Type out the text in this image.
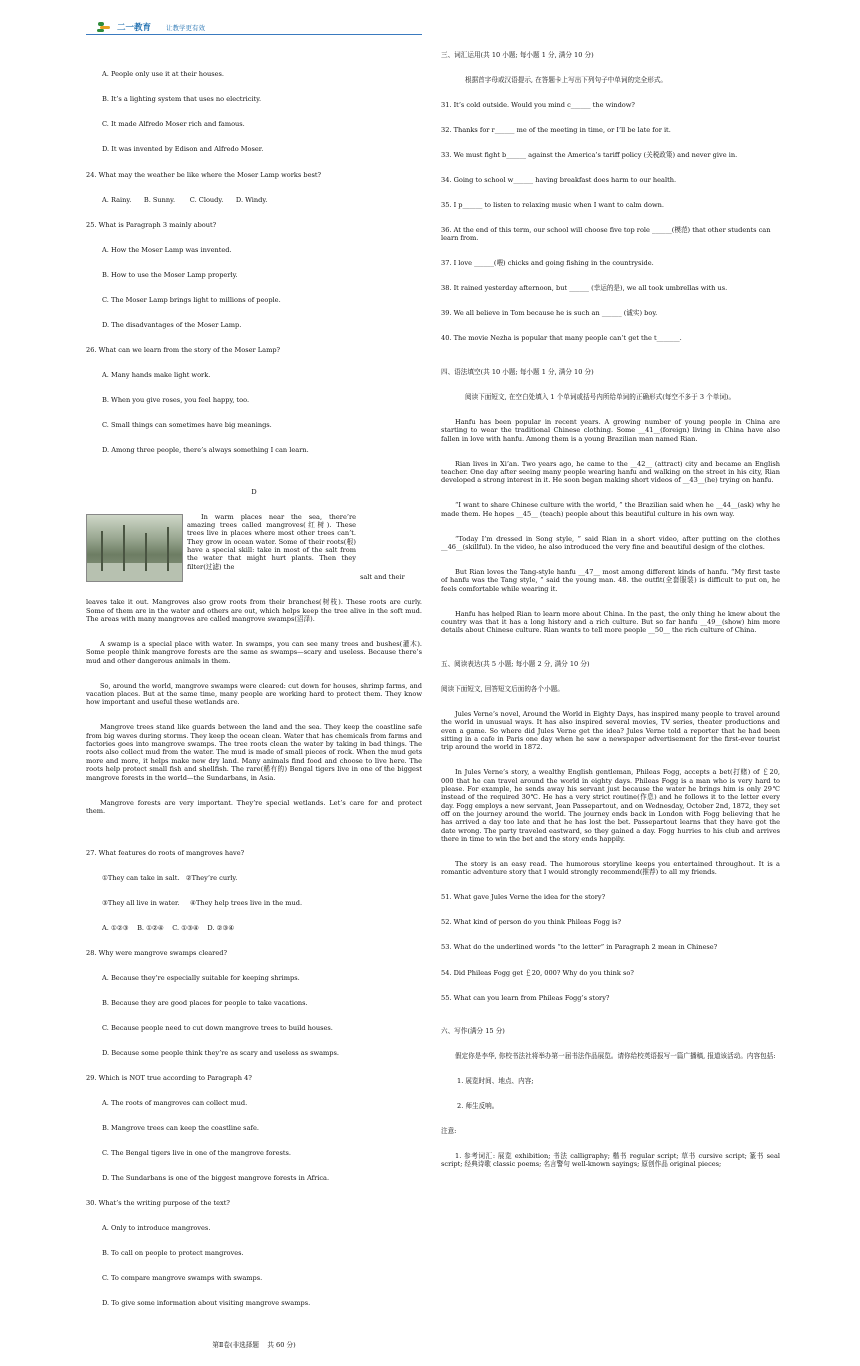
二一教育 让教学更有效

A. People only use it at their houses.

B. It’s a lighting system that uses no electricity.

C. It made Alfredo Moser rich and famous.

D. It was invented by Edison and Alfredo Moser.

24. What may the weather be like where the Moser Lamp works best?

A. Rainy.      B. Sunny.       C. Cloudy.      D. Windy.

25. What is Paragraph 3 mainly about?

A. How the Moser Lamp was invented.

B. How to use the Moser Lamp properly.

C. The Moser Lamp brings light to millions of people.

D. The disadvantages of the Moser Lamp.

26. What can we learn from the story of the Moser Lamp?

A. Many hands make light work.

B. When you give roses, you feel happy, too.

C. Small things can sometimes have big meanings.

D. Among three people, there’s always something I can learn.

D

In warm places near the sea, there’re amazing trees called mangroves(红树). These trees live in places where most other trees can’t. They grow in ocean water. Some of their roots(根) have a special skill: take in most of the salt from the water that might hurt plants. Then they filter(过滤) the
salt and their

leaves take it out. Mangroves also grow roots from their branches(树枝). These roots are curly. Some of them are in the water and others are out, which helps keep the tree alive in the soft mud. The areas with many mangroves are called mangrove swamps(沼泽).

A swamp is a special place with water. In swamps, you can see many trees and bushes(灌木). Some people think mangrove forests are the same as swamps—scary and useless. Because there’s mud and other dangerous animals in them.

So, around the world, mangrove swamps were cleared: cut down for houses, shrimp farms, and vacation places. But at the same time, many people are working hard to protect them. They know how important and useful these wetlands are.

Mangrove trees stand like guards between the land and the sea. They keep the coastline safe from big waves during storms. They keep the ocean clean. Water that has chemicals from farms and factories goes into mangrove swamps. The tree roots clean the water by taking in bad things. The roots also collect mud from the water. The mud is made of small pieces of rock. When the mud gets more and more, it helps make new dry land. Many animals find food and choose to live here. The roots help protect small fish and shellfish. The rare(稀有的) Bengal tigers live in one of the biggest mangrove forests in the world—the Sundarbans, in Asia.

Mangrove forests are very important. They’re special wetlands. Let’s care for and protect them.

27. What features do roots of mangroves have?

①They can take in salt.   ②They’re curly.

③They all live in water.     ④They help trees live in the mud.

A. ①②③    B. ①②④    C. ①③④    D. ②③④

28. Why were mangrove swamps cleared?

A. Because they’re especially suitable for keeping shrimps.

B. Because they are good places for people to take vacations.

C. Because people need to cut down mangrove trees to build houses.

D. Because some people think they’re as scary and useless as swamps.

29. Which is NOT true according to Paragraph 4?

A. The roots of mangroves can collect mud.

B. Mangrove trees can keep the coastline safe.

C. The Bengal tigers live in one of the mangrove forests.

D. The Sundarbans is one of the biggest mangrove forests in Africa.

30. What’s the writing purpose of the text?

A. Only to introduce mangroves.

B. To call on people to protect mangroves.

C. To compare mangrove swamps with swamps.

D. To give some information about visiting mangrove swamps.

第Ⅱ卷(非选择题    共 60 分)

三、词汇运用(共 10 小题; 每小题 1 分, 满分 10 分)

根据首字母或汉语提示, 在答题卡上写出下列句子中单词的完全形式。

31. It’s cold outside. Would you mind c______ the window?

32. Thanks for r______ me of the meeting in time, or I’ll be late for it.

33. We must fight b______ against the America’s tariff policy (关税政策) and never give in.

34. Going to school w______ having breakfast does harm to our health.

35. I p______ to listen to relaxing music when I want to calm down.

36. At the end of this term, our school will choose five top role ______(模范) that other students can learn from.

37. I love ______(喂) chicks and going fishing in the countryside.

38. It rained yesterday afternoon, but ______ (幸运的是), we all took umbrellas with us.

39. We all believe in Tom because he is such an ______ (诚实) boy.

40. The movie Nezha is popular that many people can’t get the t_______.

四、语法填空(共 10 小题; 每小题 1 分, 满分 10 分)

阅读下面短文, 在空白处填入 1 个单词或括号内所给单词的正确形式(每空不多于 3 个单词)。

Hanfu has been popular in recent years. A growing number of young people in China are starting to wear the traditional Chinese clothing. Some __41__(foreign) living in China have also fallen in love with hanfu. Among them is a young Brazilian man named Rian.

Rian lives in Xi’an. Two years ago, he came to the __42__ (attract) city and became an English teacher. One day after seeing many people wearing hanfu and walking on the street in his city, Rian developed a strong interest in it. He soon began making short videos of __43__(he) trying on hanfu.

“I want to share Chinese culture with the world, ” the Brazilian said when he __44__(ask) why he made them. He hopes __45__ (teach) people about this beautiful culture in his own way.

“Today I’m dressed in Song style, ” said Rian in a short video, after putting on the clothes __46__(skillful). In the video, he also introduced the very fine and beautiful design of the clothes.

But Rian loves the Tang-style hanfu __47__ most among different kinds of hanfu. “My first taste of hanfu was the Tang style, ” said the young man. 48. the outfit(全套服装) is difficult to put on, he feels comfortable while wearing it.

Hanfu has helped Rian to learn more about China. In the past, the only thing he knew about the country was that it has a long history and a rich culture. But so far hanfu __49__(show) him more details about Chinese culture. Rian wants to tell more people __50__ the rich culture of China.

五、阅读表达(共 5 小题; 每小题 2 分, 满分 10 分)

阅读下面短文, 回答短文后面的各个小题。

Jules Verne’s novel, Around the World in Eighty Days, has inspired many people to travel around the world in unusual ways. It has also inspired several movies, TV series, theater productions and even a game. So where did Jules Verne get the idea? Jules Verne told a reporter that he had been sitting in a cafe in Paris one day when he saw a newspaper advertisement for the first-ever tourist trip around the world in 1872.

In Jules Verne’s story, a wealthy English gentleman, Phileas Fogg, accepts a bet(打赌) of ￡20, 000 that he can travel around the world in eighty days. Phileas Fogg is a man who is very hard to please. For example, he sends away his servant just because the water he brings him is only 29℃ instead of the required 30℃. He has a very strict routine(作息) and he follows it to the letter every day. Fogg employs a new servant, Jean Passepartout, and on Wednesday, October 2nd, 1872, they set off on the journey around the world. The journey ends back in London with Fogg believing that he has arrived a day too late and that he has lost the bet. Passepartout learns that they have got the date wrong. The party traveled eastward, so they gained a day. Fogg hurries to his club and arrives there in time to win the bet and the story ends happily.

The story is an easy read. The humorous storyline keeps you entertained throughout. It is a romantic adventure story that I would strongly recommend(推荐) to all my friends.

51. What gave Jules Verne the idea for the story?

52. What kind of person do you think Phileas Fogg is?

53. What do the underlined words “to the letter” in Paragraph 2 mean in Chinese?

54. Did Phileas Fogg get ￡20, 000? Why do you think so?

55. What can you learn from Phileas Fogg’s story?

六、写作(满分 15 分)

假定你是李华, 你校书法社将举办第一届书法作品展览。请你给校英语报写一篇广播稿, 报道该活动。内容包括:

1. 展览时间、地点、内容;

2. 师生反响。

注意:

1. 参考词汇: 展览 exhibition; 书法 calligraphy; 楷书 regular script; 草书 cursive script; 篆书 seal script; 经典诗歌 classic poems; 名言警句 well-known sayings; 原创作品 original pieces;
